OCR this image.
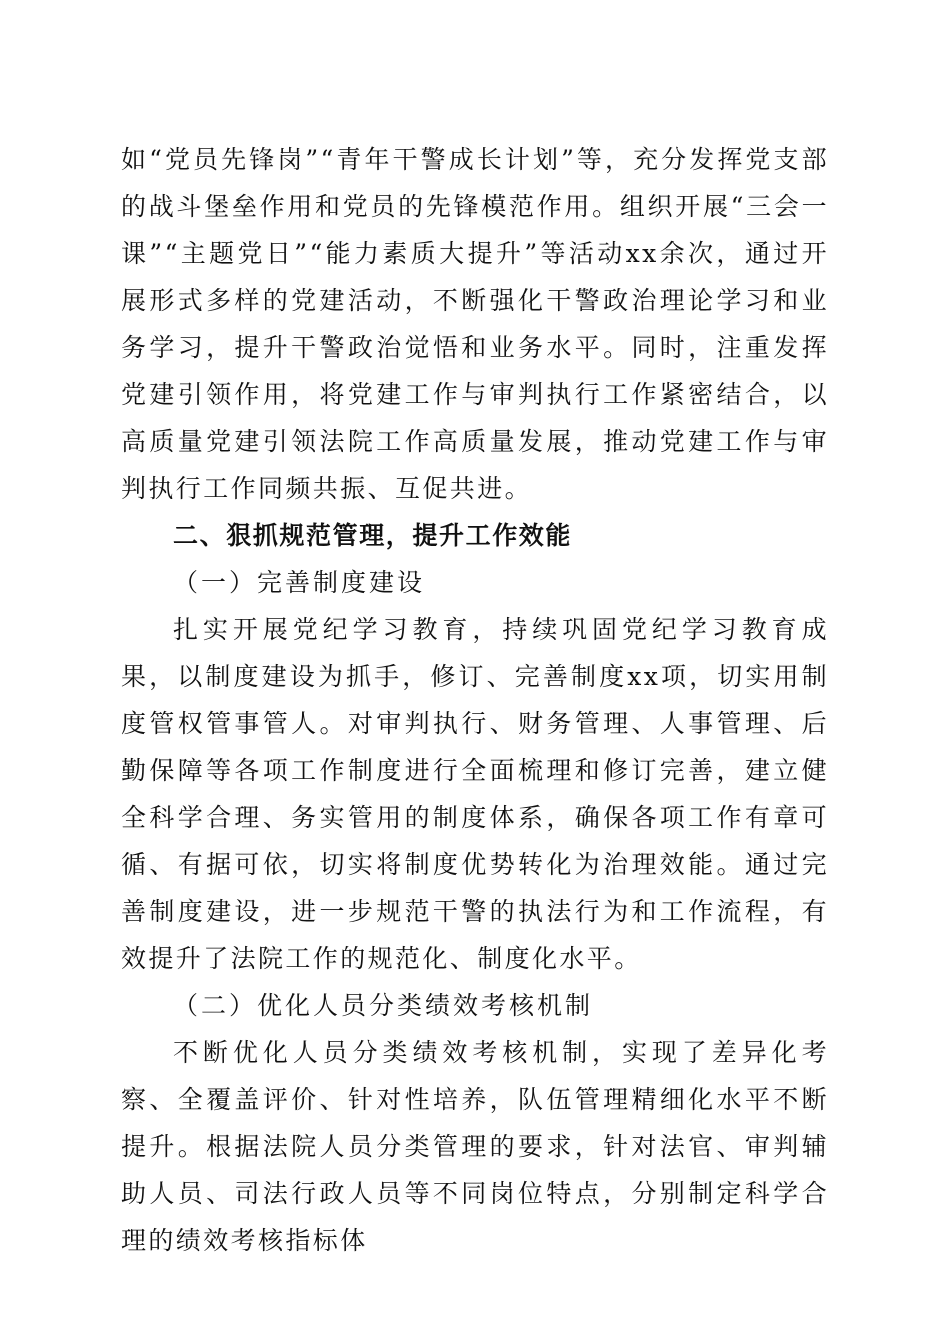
如“党员先锋岗”“青年干警成长计划”等，充分发挥党支部的战斗堡垒作用和党员的先锋模范作用。组织开展“三会一课”“主题党日”“能力素质大提升”等活动xx余次，通过开展形式多样的党建活动，不断强化干警政治理论学习和业务学习，提升干警政治觉悟和业务水平。同时，注重发挥党建引领作用，将党建工作与审判执行工作紧密结合，以高质量党建引领法院工作高质量发展，推动党建工作与审判执行工作同频共振、互促共进。

二、狠抓规范管理，提升工作效能

（一）完善制度建设

扎实开展党纪学习教育，持续巩固党纪学习教育成果，以制度建设为抓手，修订、完善制度xx项，切实用制度管权管事管人。对审判执行、财务管理、人事管理、后勤保障等各项工作制度进行全面梳理和修订完善，建立健全科学合理、务实管用的制度体系，确保各项工作有章可循、有据可依，切实将制度优势转化为治理效能。通过完善制度建设，进一步规范干警的执法行为和工作流程，有效提升了法院工作的规范化、制度化水平。

（二）优化人员分类绩效考核机制

不断优化人员分类绩效考核机制，实现了差异化考察、全覆盖评价、针对性培养，队伍管理精细化水平不断提升。根据法院人员分类管理的要求，针对法官、审判辅助人员、司法行政人员等不同岗位特点，分别制定科学合理的绩效考核指标体
